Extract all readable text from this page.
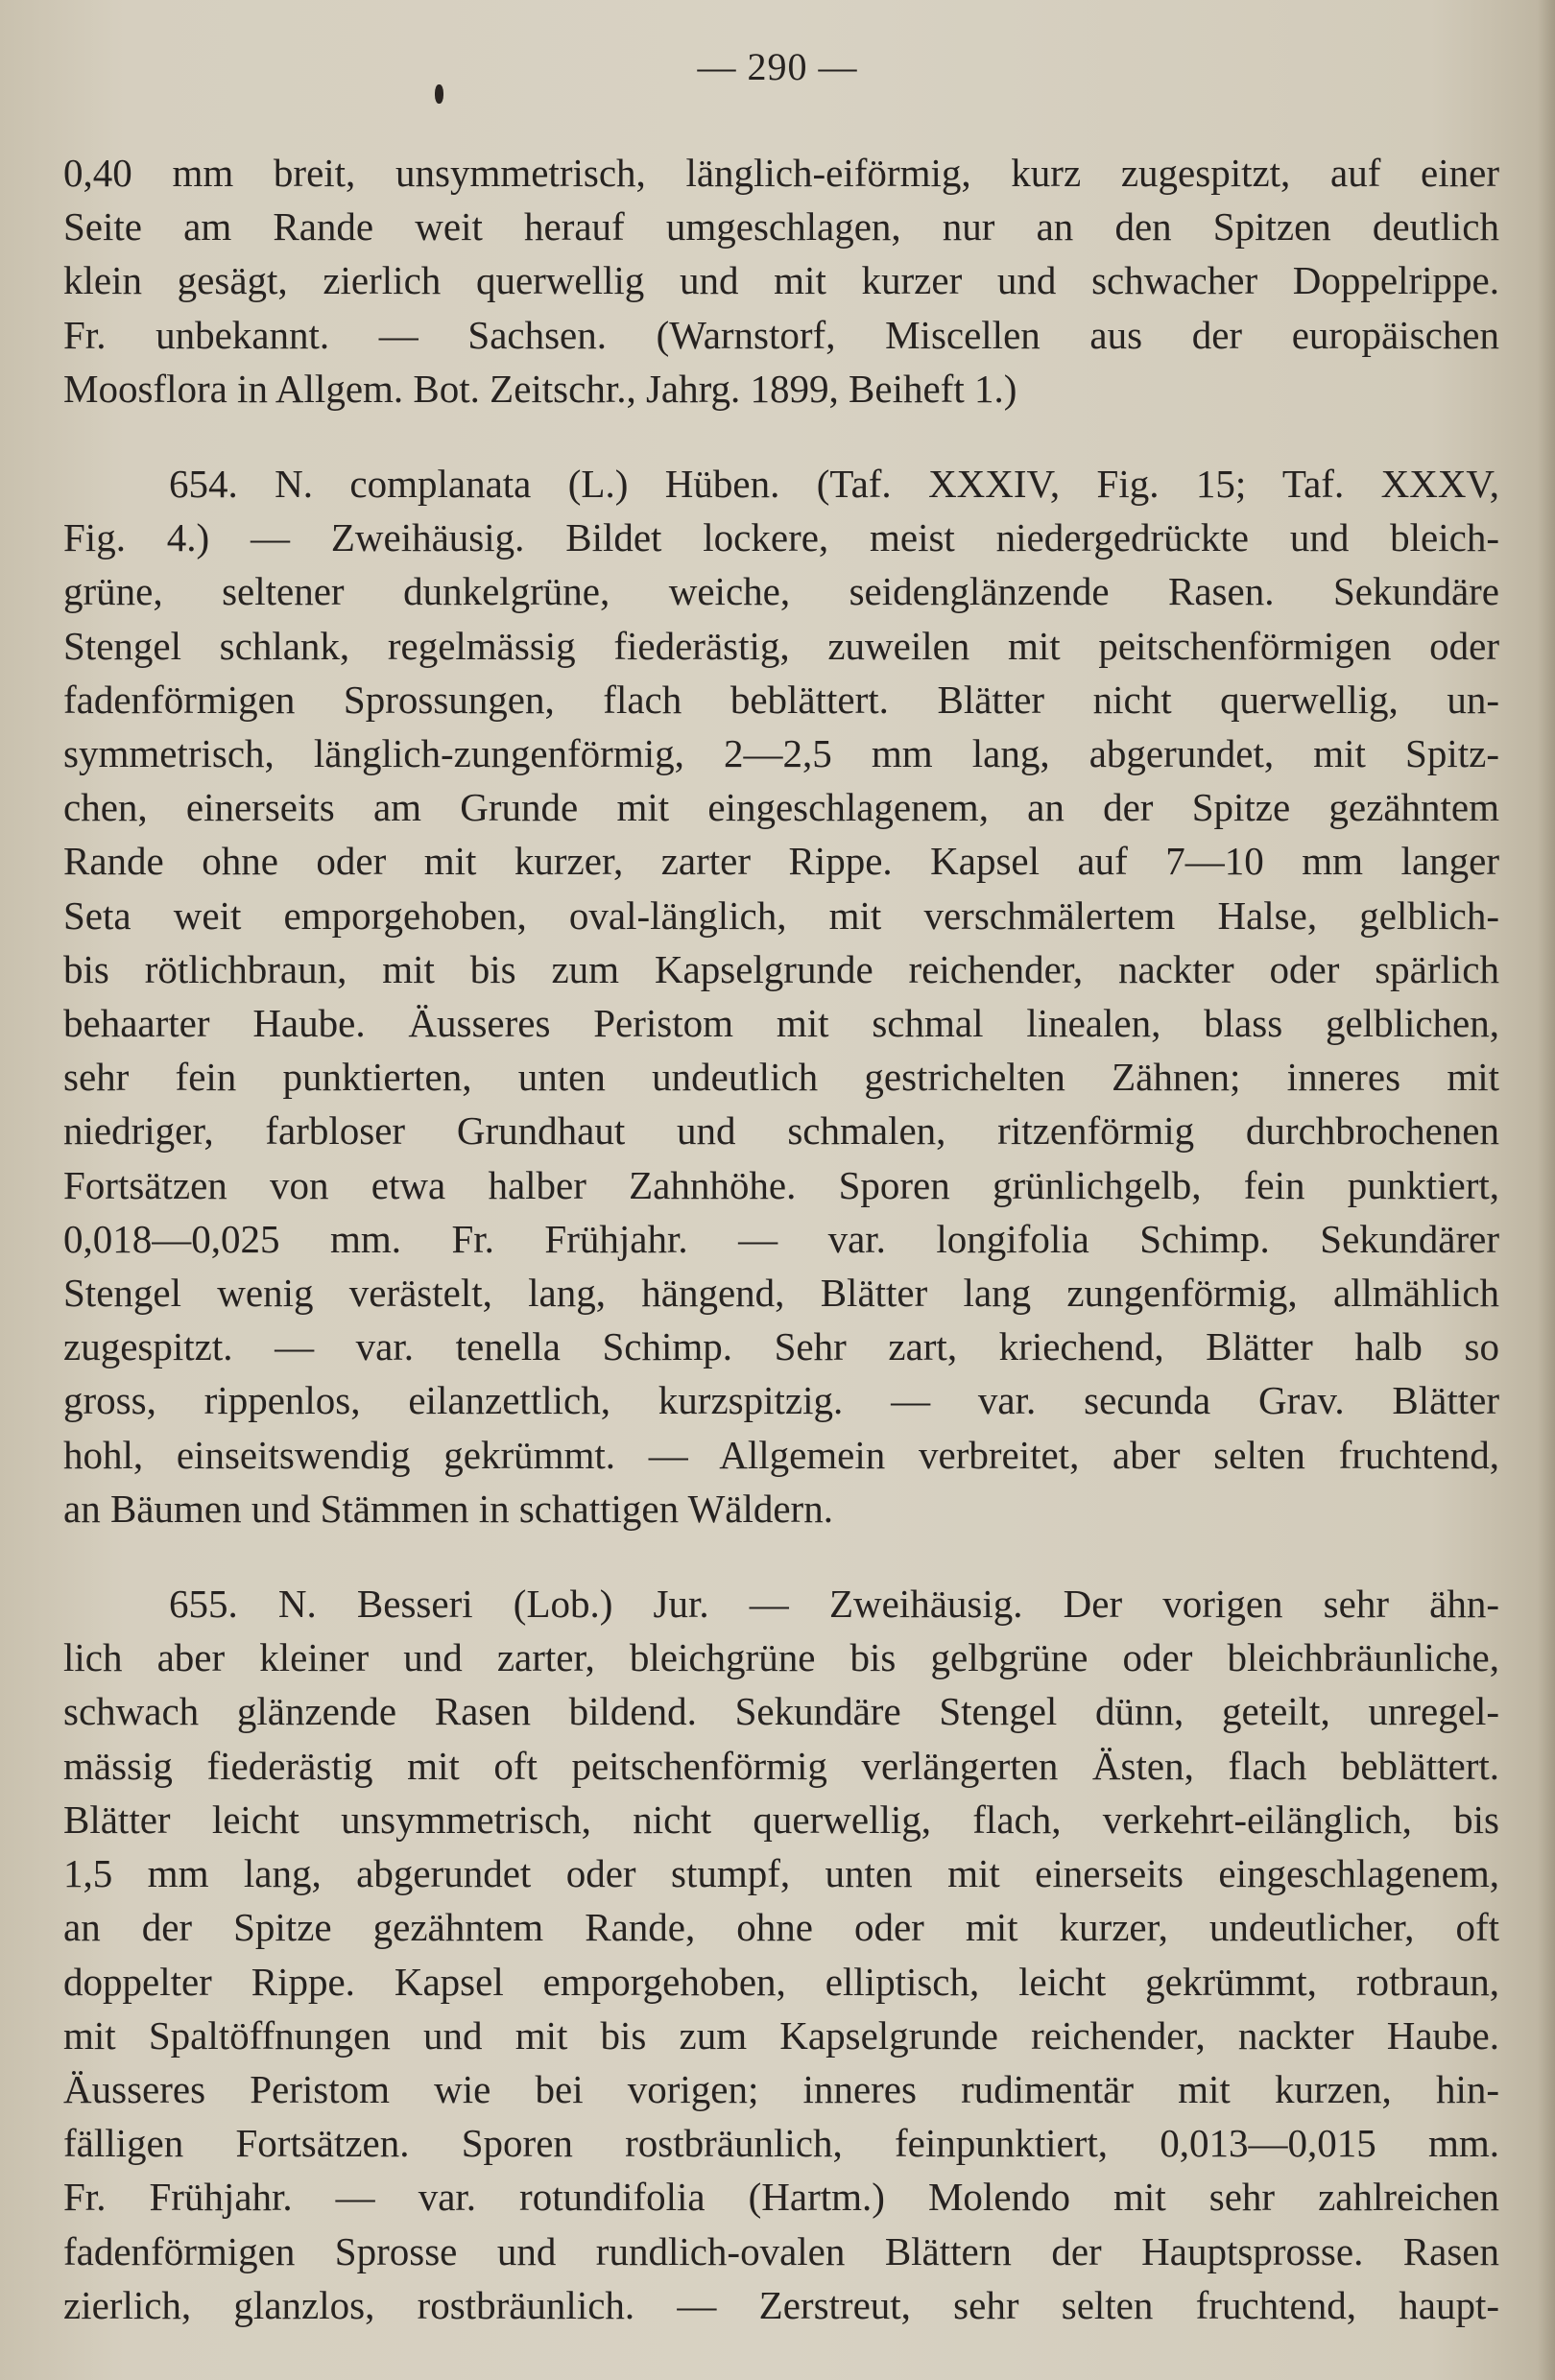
— 290 —

0,40 mm breit, unsymmetrisch, länglich-eiförmig, kurz zugespitzt, auf einer
Seite am Rande weit herauf umgeschlagen, nur an den Spitzen deutlich
klein gesägt, zierlich querwellig und mit kurzer und schwacher Doppelrippe.
Fr. unbekannt. — Sachsen. (Warnstorf, Miscellen aus der europäischen
Moosflora in Allgem. Bot. Zeitschr., Jahrg. 1899, Beiheft 1.)

654. N. complanata (L.) Hüben. (Taf. XXXIV, Fig. 15; Taf. XXXV,
Fig. 4.) — Zweihäusig. Bildet lockere, meist niedergedrückte und bleich-
grüne, seltener dunkelgrüne, weiche, seidenglänzende Rasen. Sekundäre
Stengel schlank, regelmässig fiederästig, zuweilen mit peitschenförmigen oder
fadenförmigen Sprossungen, flach beblättert. Blätter nicht querwellig, un-
symmetrisch, länglich-zungenförmig, 2—2,5 mm lang, abgerundet, mit Spitz-
chen, einerseits am Grunde mit eingeschlagenem, an der Spitze gezähntem
Rande ohne oder mit kurzer, zarter Rippe. Kapsel auf 7—10 mm langer
Seta weit emporgehoben, oval-länglich, mit verschmälertem Halse, gelblich-
bis rötlichbraun, mit bis zum Kapselgrunde reichender, nackter oder spärlich
behaarter Haube. Äusseres Peristom mit schmal linealen, blass gelblichen,
sehr fein punktierten, unten undeutlich gestrichelten Zähnen; inneres mit
niedriger, farbloser Grundhaut und schmalen, ritzenförmig durchbrochenen
Fortsätzen von etwa halber Zahnhöhe. Sporen grünlichgelb, fein punktiert,
0,018—0,025 mm. Fr. Frühjahr. — var. longifolia Schimp. Sekundärer
Stengel wenig verästelt, lang, hängend, Blätter lang zungenförmig, allmählich
zugespitzt. — var. tenella Schimp. Sehr zart, kriechend, Blätter halb so
gross, rippenlos, eilanzettlich, kurzspitzig. — var. secunda Grav. Blätter
hohl, einseitswendig gekrümmt. — Allgemein verbreitet, aber selten fruchtend,
an Bäumen und Stämmen in schattigen Wäldern.

655. N. Besseri (Lob.) Jur. — Zweihäusig. Der vorigen sehr ähn-
lich aber kleiner und zarter, bleichgrüne bis gelbgrüne oder bleichbräunliche,
schwach glänzende Rasen bildend. Sekundäre Stengel dünn, geteilt, unregel-
mässig fiederästig mit oft peitschenförmig verlängerten Ästen, flach beblättert.
Blätter leicht unsymmetrisch, nicht querwellig, flach, verkehrt-eilänglich, bis
1,5 mm lang, abgerundet oder stumpf, unten mit einerseits eingeschlagenem,
an der Spitze gezähntem Rande, ohne oder mit kurzer, undeutlicher, oft
doppelter Rippe. Kapsel emporgehoben, elliptisch, leicht gekrümmt, rotbraun,
mit Spaltöffnungen und mit bis zum Kapselgrunde reichender, nackter Haube.
Äusseres Peristom wie bei vorigen; inneres rudimentär mit kurzen, hin-
fälligen Fortsätzen. Sporen rostbräunlich, feinpunktiert, 0,013—0,015 mm.
Fr. Frühjahr. — var. rotundifolia (Hartm.) Molendo mit sehr zahlreichen
fadenförmigen Sprosse und rundlich-ovalen Blättern der Hauptsprosse. Rasen
zierlich, glanzlos, rostbräunlich. — Zerstreut, sehr selten fruchtend, haupt-
